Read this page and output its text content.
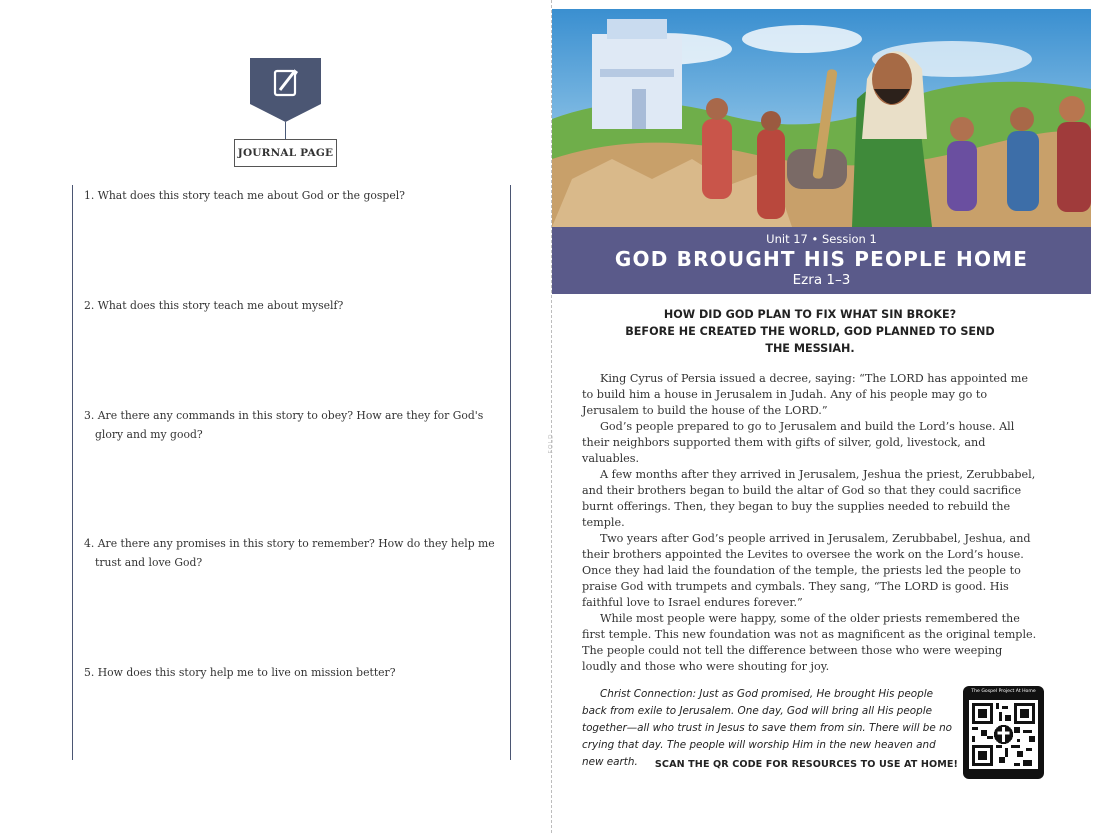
JOURNAL PAGE
1. What does this story teach me about God or the gospel?
2. What does this story teach me about myself?
3. Are there any commands in this story to obey? How are they for God's glory and my good?
4. Are there any promises in this story to remember? How do they help me trust and love God?
5. How does this story help me to live on mission better?
FOLD
Unit 17 • Session 1
GOD BROUGHT HIS PEOPLE HOME
Ezra 1–3
HOW DID GOD PLAN TO FIX WHAT SIN BROKE?
BEFORE HE CREATED THE WORLD, GOD PLANNED TO SEND
THE MESSIAH.

King Cyrus of Persia issued a decree, saying: “The LORD has appointed me to build him a house in Jerusalem in Judah. Any of his people may go to Jerusalem to build the house of the LORD.”

God’s people prepared to go to Jerusalem and build the Lord’s house. All their neighbors supported them with gifts of silver, gold, livestock, and valuables.

A few months after they arrived in Jerusalem, Jeshua the priest, Zerubbabel, and their brothers began to build the altar of God so that they could sacrifice burnt offerings. Then, they began to buy the supplies needed to rebuild the temple.

Two years after God’s people arrived in Jerusalem, Zerubbabel, Jeshua, and their brothers appointed the Levites to oversee the work on the Lord’s house. Once they had laid the foundation of the temple, the priests led the people to praise God with trumpets and cymbals. They sang, “The LORD is good. His faithful love to Israel endures forever.”

While most people were happy, some of the older priests remembered the first temple. This new foundation was not as magnificent as the original temple. The people could not tell the difference between those who were weeping loudly and those who were shouting for joy.

Christ Connection: Just as God promised, He brought His people back from exile to Jerusalem. One day, God will bring all His people together—all who trust in Jesus to save them from sin. There will be no crying that day. The people will worship Him in the new heaven and new earth.	SCAN THE QR CODE FOR RESOURCES TO USE AT HOME!
The Gospel Project At Home
